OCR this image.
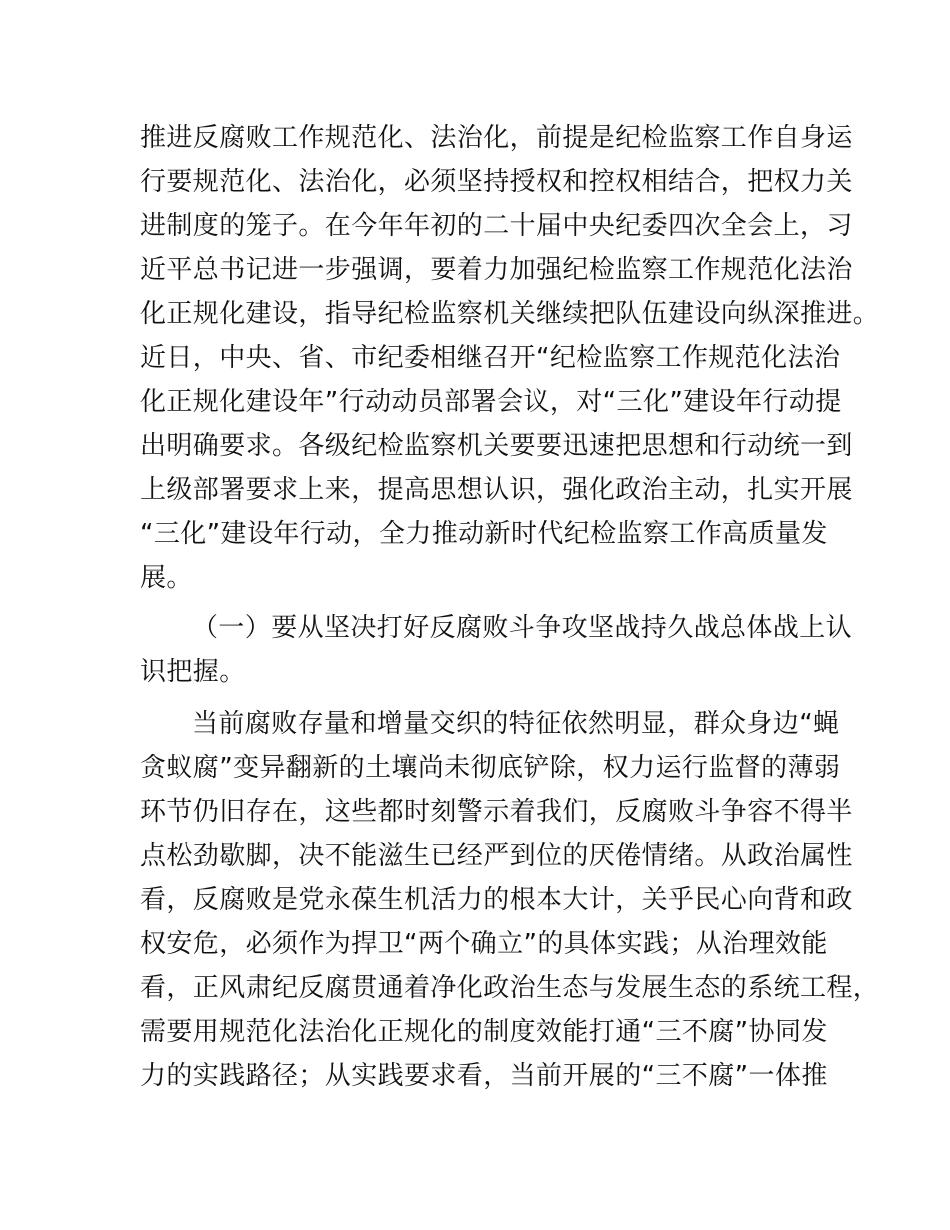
推进反腐败工作规范化、法治化，前提是纪检监察工作自身运
行要规范化、法治化，必须坚持授权和控权相结合，把权力关
进制度的笼子。在今年年初的二十届中央纪委四次全会上，习
近平总书记进一步强调，要着力加强纪检监察工作规范化法治
化正规化建设，指导纪检监察机关继续把队伍建设向纵深推进。
近日，中央、省、市纪委相继召开“纪检监察工作规范化法治
化正规化建设年”行动动员部署会议，对“三化”建设年行动提
出明确要求。各级纪检监察机关要要迅速把思想和行动统一到
上级部署要求上来，提高思想认识，强化政治主动，扎实开展
“三化”建设年行动，全力推动新时代纪检监察工作高质量发
展。
（一）要从坚决打好反腐败斗争攻坚战持久战总体战上认
识把握。
当前腐败存量和增量交织的特征依然明显，群众身边“蝇
贪蚁腐”变异翻新的土壤尚未彻底铲除，权力运行监督的薄弱
环节仍旧存在，这些都时刻警示着我们，反腐败斗争容不得半
点松劲歇脚，决不能滋生已经严到位的厌倦情绪。从政治属性
看，反腐败是党永葆生机活力的根本大计，关乎民心向背和政
权安危，必须作为捍卫“两个确立”的具体实践；从治理效能
看，正风肃纪反腐贯通着净化政治生态与发展生态的系统工程，
需要用规范化法治化正规化的制度效能打通“三不腐”协同发
力的实践路径；从实践要求看，当前开展的“三不腐”一体推
